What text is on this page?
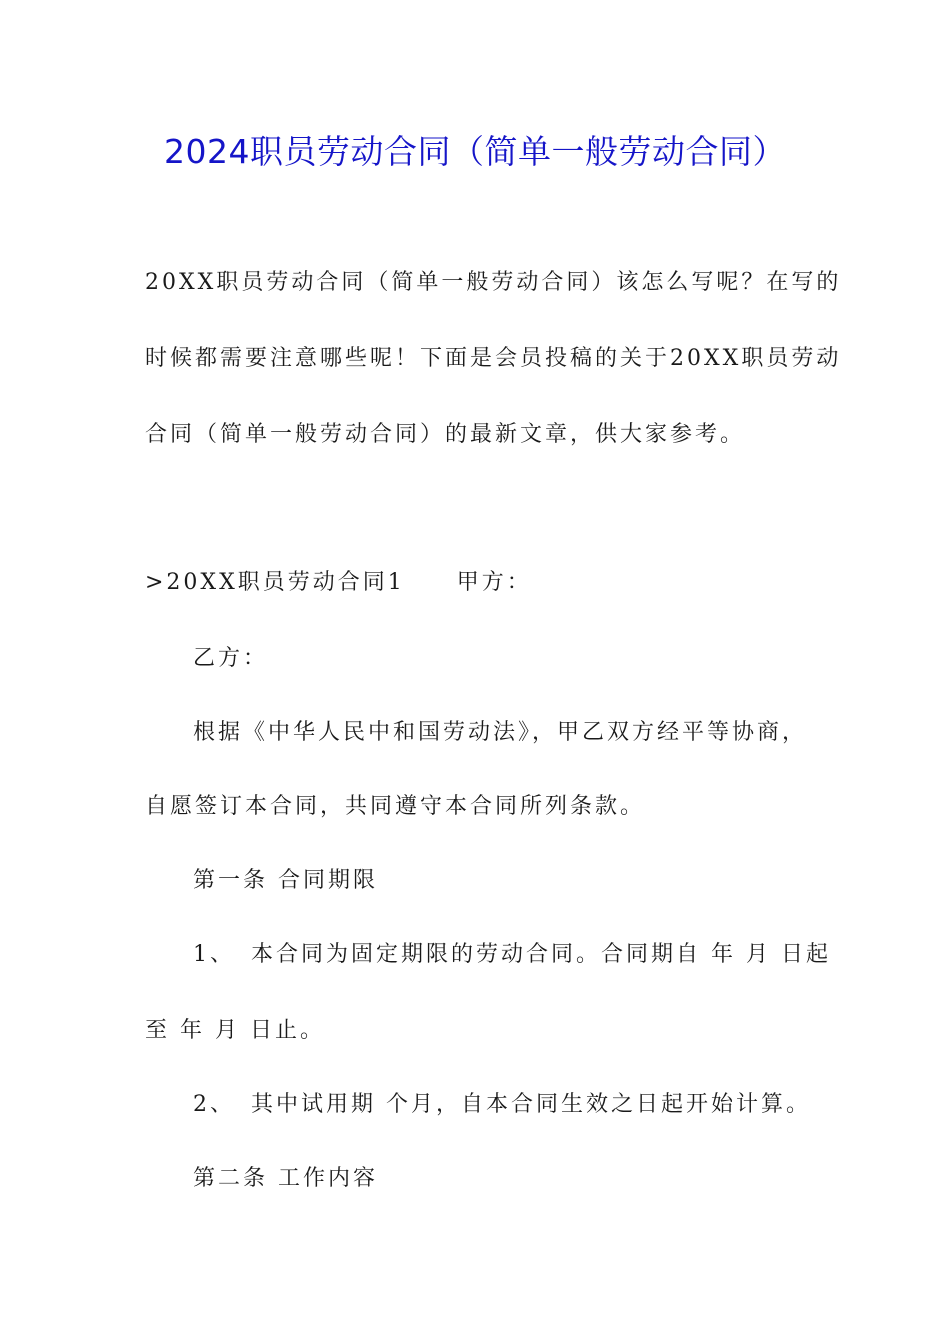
2024职员劳动合同（简单一般劳动合同）
20XX职员劳动合同（简单一般劳动合同）该怎么写呢？在写的
时候都需要注意哪些呢！下面是会员投稿的关于20XX职员劳动
合同（简单一般劳动合同）的最新文章，供大家参考。
>20XX职员劳动合同1 甲方：
乙方：
根据《中华人民中和国劳动法》，甲乙双方经平等协商，
自愿签订本合同，共同遵守本合同所列条款。
第一条 合同期限
1、 本合同为固定期限的劳动合同。合同期自 年 月 日起
至 年 月 日止。
2、 其中试用期 个月，自本合同生效之日起开始计算。
第二条 工作内容
